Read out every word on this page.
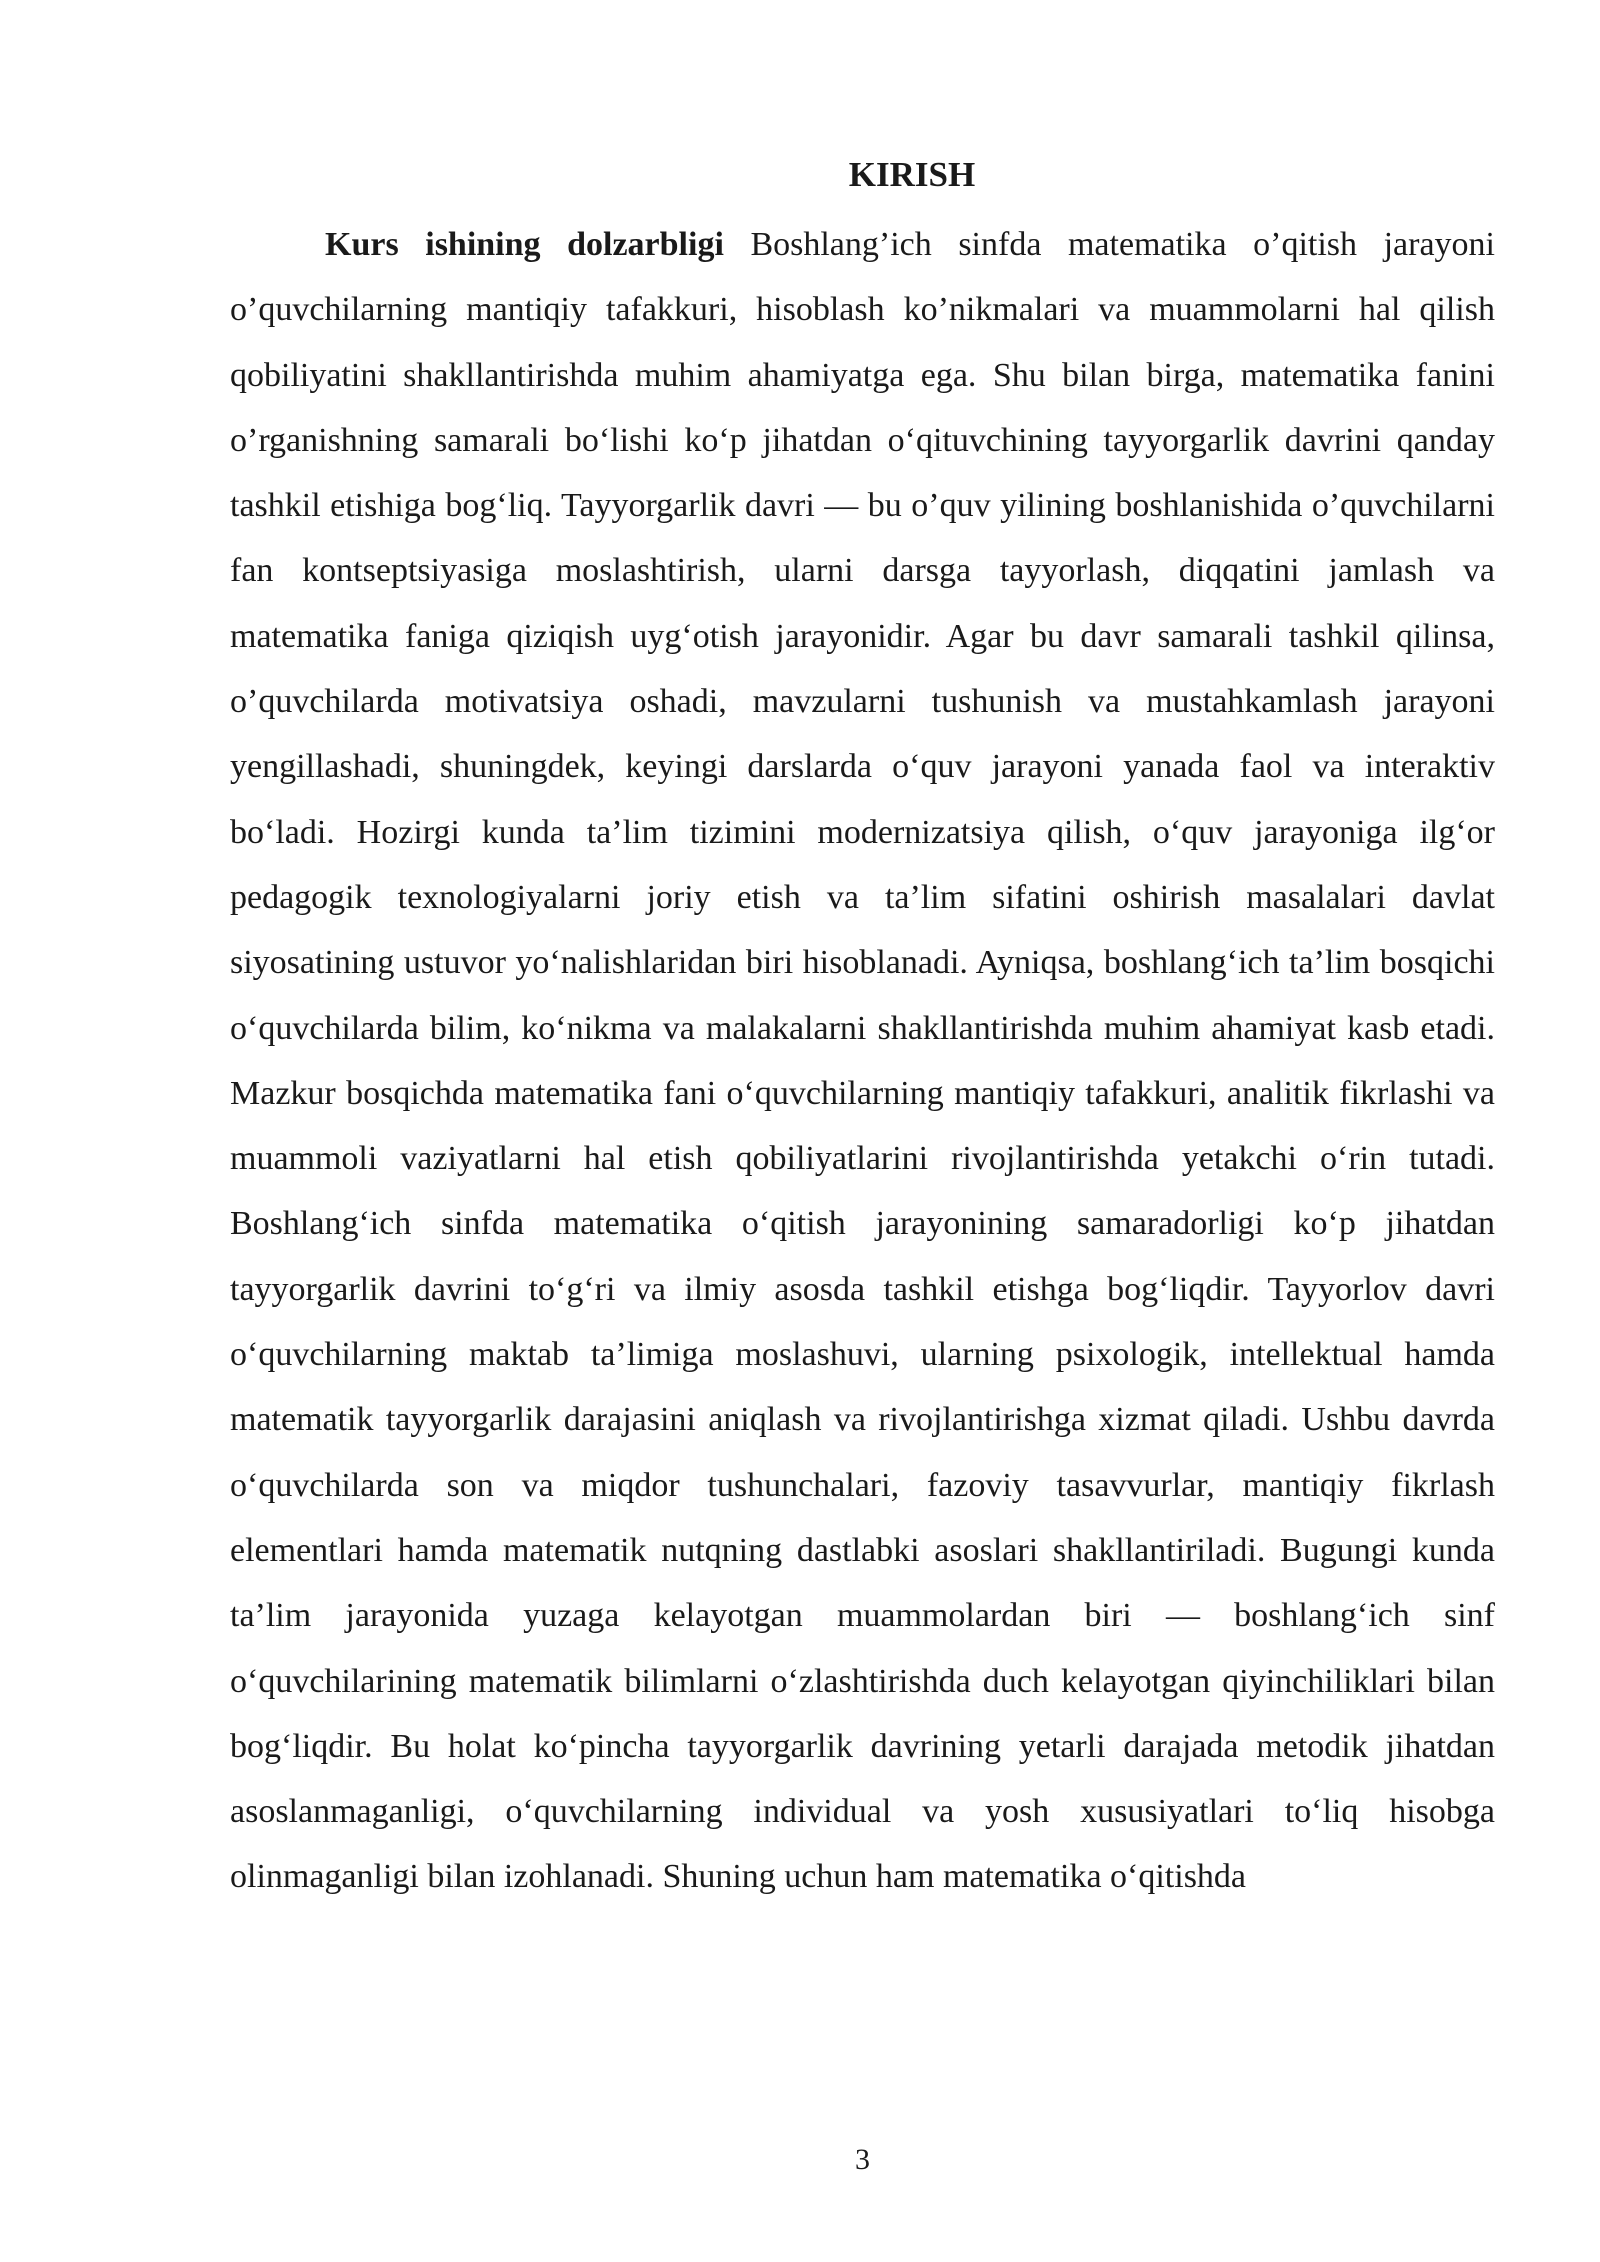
KIRISH

Kurs ishining dolzarbligi Boshlang’ich sinfda matematika o’qitish jarayoni o’quvchilarning mantiqiy tafakkuri, hisoblash ko’nikmalari va muammolarni hal qilish qobiliyatini shakllantirishda muhim ahamiyatga ega. Shu bilan birga, matematika fanini o’rganishning samarali bo‘lishi ko‘p jihatdan o‘qituvchining tayyorgarlik davrini qanday tashkil etishiga bog‘liq. Tayyorgarlik davri — bu o’quv yilining boshlanishida o’quvchilarni fan kontseptsiyasiga moslashtirish, ularni darsga tayyorlash, diqqatini jamlash va matematika faniga qiziqish uyg‘otish jarayonidir. Agar bu davr samarali tashkil qilinsa, o’quvchilarda motivatsiya oshadi, mavzularni tushunish va mustahkamlash jarayoni yengillashadi, shuningdek, keyingi darslarda o‘quv jarayoni yanada faol va interaktiv bo‘ladi. Hozirgi kunda ta’lim tizimini modernizatsiya qilish, o‘quv jarayoniga ilg‘or pedagogik texnologiyalarni joriy etish va ta’lim sifatini oshirish masalalari davlat siyosatining ustuvor yo‘nalishlaridan biri hisoblanadi. Ayniqsa, boshlang‘ich ta’lim bosqichi o‘quvchilarda bilim, ko‘nikma va malakalarni shakllantirishda muhim ahamiyat kasb etadi. Mazkur bosqichda matematika fani o‘quvchilarning mantiqiy tafakkuri, analitik fikrlashi va muammoli vaziyatlarni hal etish qobiliyatlarini rivojlantirishda yetakchi o‘rin tutadi. Boshlang‘ich sinfda matematika o‘qitish jarayonining samaradorligi ko‘p jihatdan tayyorgarlik davrini to‘g‘ri va ilmiy asosda tashkil etishga bog‘liqdir. Tayyorlov davri o‘quvchilarning maktab ta’limiga moslashuvi, ularning psixologik, intellektual hamda matematik tayyorgarlik darajasini aniqlash va rivojlantirishga xizmat qiladi. Ushbu davrda o‘quvchilarda son va miqdor tushunchalari, fazoviy tasavvurlar, mantiqiy fikrlash elementlari hamda matematik nutqning dastlabki asoslari shakllantiriladi. Bugungi kunda ta’lim jarayonida yuzaga kelayotgan muammolardan biri — boshlang‘ich sinf o‘quvchilarining matematik bilimlarni o‘zlashtirishda duch kelayotgan qiyinchiliklari bilan bog‘liqdir. Bu holat ko‘pincha tayyorgarlik davrining yetarli darajada metodik jihatdan asoslanmaganligi, o‘quvchilarning individual va yosh xususiyatlari to‘liq hisobga olinmaganligi bilan izohlanadi. Shuning uchun ham matematika o‘qitishda

3
